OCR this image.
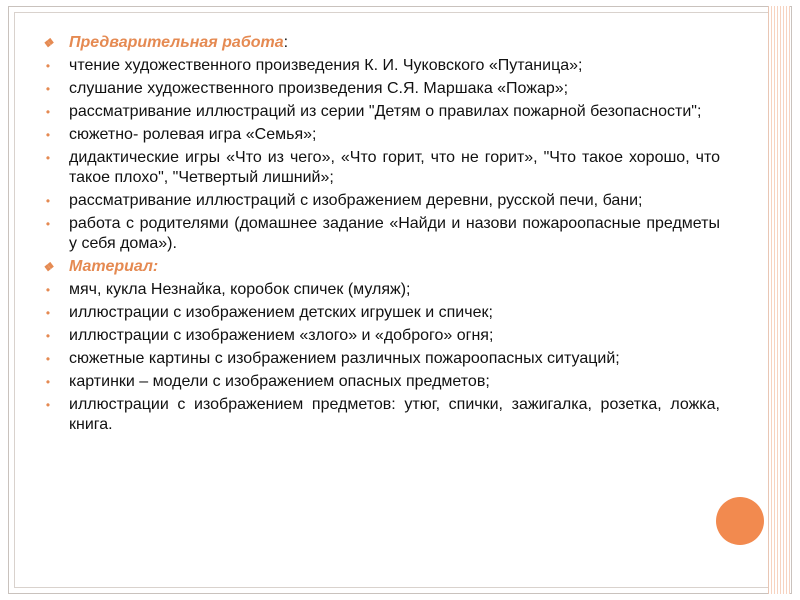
❖ Предварительная работа:
•	чтение художественного произведения К. И. Чуковского «Путаница»;
•	слушание художественного произведения С.Я. Маршака «Пожар»;
•	рассматривание иллюстраций из серии "Детям о правилах пожарной безопасности";
•	сюжетно- ролевая игра «Семья»;
•	дидактические игры «Что из чего», «Что горит, что не горит», "Что такое хорошо, что такое плохо", "Четвертый лишний»;
•	рассматривание иллюстраций с изображением деревни, русской печи, бани;
•	работа с родителями (домашнее задание «Найди и назови пожароопасные предметы у себя дома»).
❖ Материал:
•	мяч, кукла Незнайка, коробок спичек (муляж);
•	иллюстрации с изображением детских игрушек и спичек;
•	иллюстрации с изображением «злого» и «доброго» огня;
•	сюжетные картины с изображением различных пожароопасных ситуаций;
•	картинки – модели с изображением опасных предметов;
•	иллюстрации с изображением предметов: утюг, спички, зажигалка, розетка, ложка, книга.
